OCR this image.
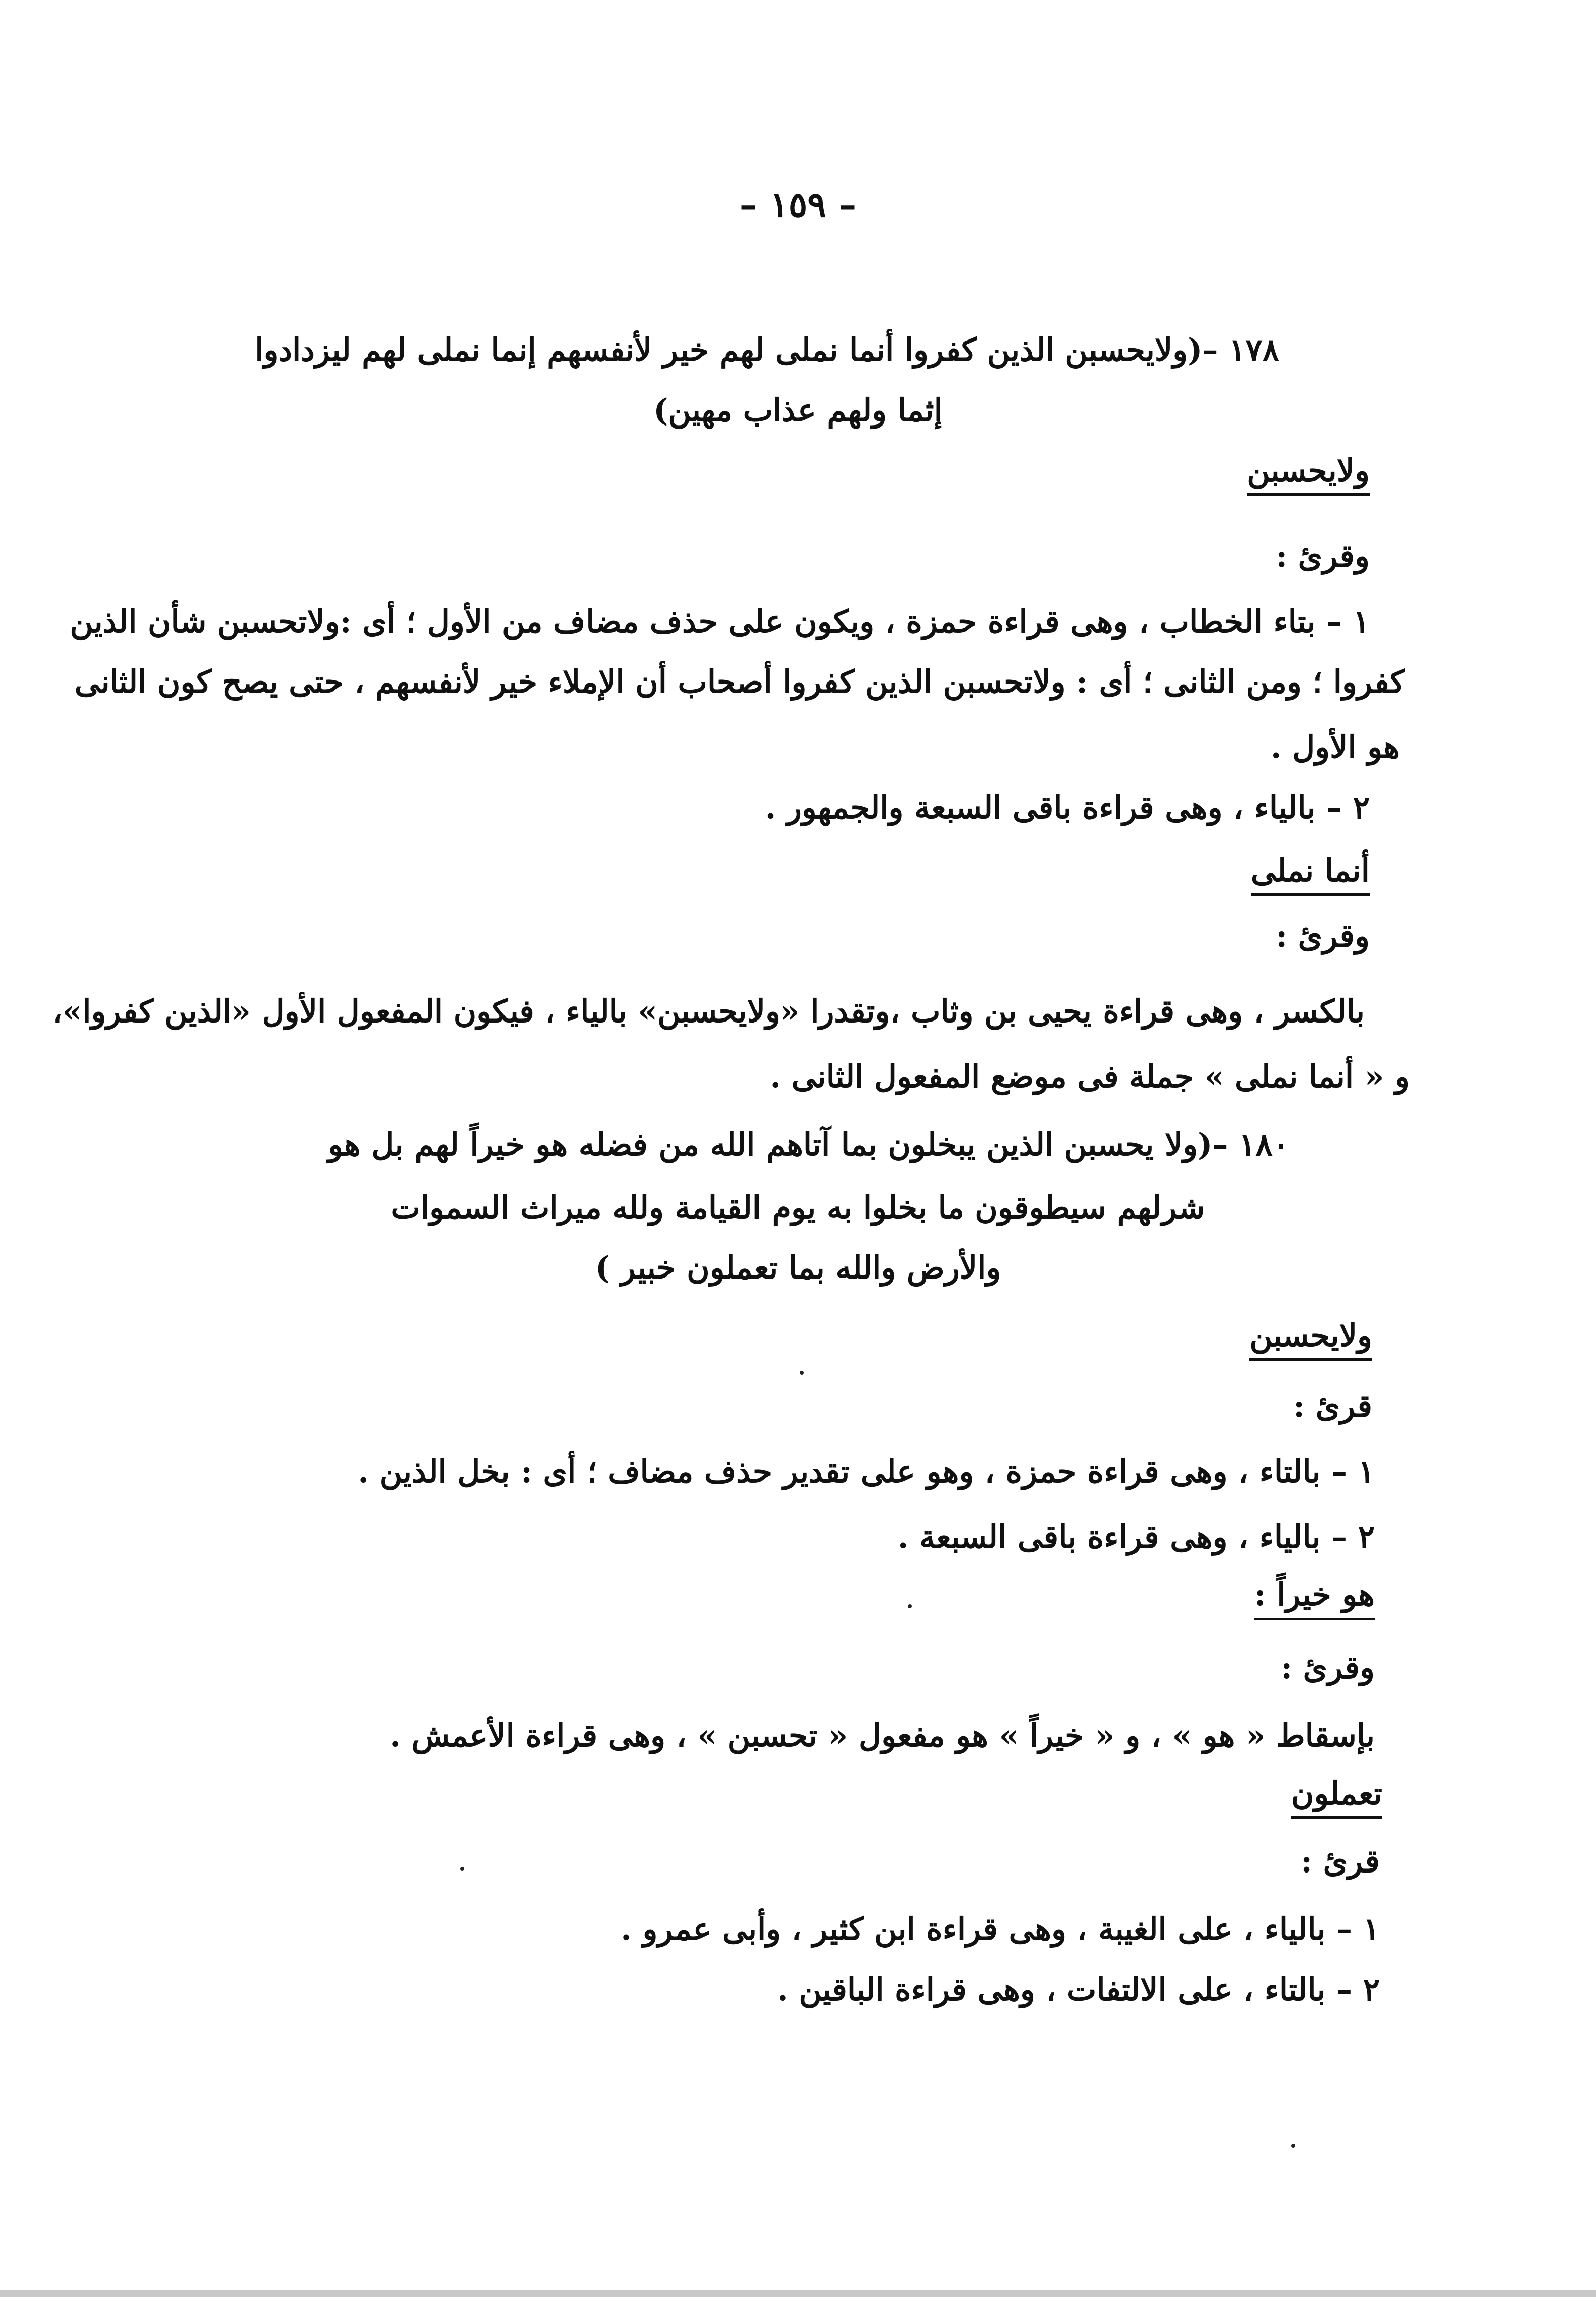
– ١٥٩ –
١٧٨ –(ولايحسبن الذين كفروا أنما نملى لهم خير لأنفسهم إنما نملى لهم ليزدادوا
إثما ولهم عذاب مهين)
ولايحسبن
وقرئ :
١ – بتاء الخطاب ، وهى قراءة حمزة ، ويكون على حذف مضاف من الأول ؛ أى :ولاتحسبن شأن الذين
كفروا ؛ ومن الثانى ؛ أى : ولاتحسبن الذين كفروا أصحاب أن الإملاء خير لأنفسهم ، حتى يصح كون الثانى
هو الأول .
٢ – بالياء ، وهى قراءة باقى السبعة والجمهور .
أنما نملى
وقرئ :
بالكسر ، وهى قراءة يحيى بن وثاب ،وتقدرا «ولايحسبن» بالياء ، فيكون المفعول الأول «الذين كفروا»،
و « أنما نملى » جملة فى موضع المفعول الثانى .
١٨٠ –(ولا يحسبن الذين يبخلون بما آتاهم الله من فضله هو خيراً لهم بل هو
شرلهم سيطوقون ما بخلوا به يوم القيامة ولله ميراث السموات
والأرض والله بما تعملون خبير )
ولايحسبن
قرئ :
١ – بالتاء ، وهى قراءة حمزة ، وهو على تقدير حذف مضاف ؛ أى : بخل الذين .
٢ – بالياء ، وهى قراءة باقى السبعة .
هو خيراً :
وقرئ :
بإسقاط « هو » ، و « خيراً » هو مفعول « تحسبن » ، وهى قراءة الأعمش .
تعملون
قرئ :
١ – بالياء ، على الغيبة ، وهى قراءة ابن كثير ، وأبى عمرو .
٢ – بالتاء ، على الالتفات ، وهى قراءة الباقين .
